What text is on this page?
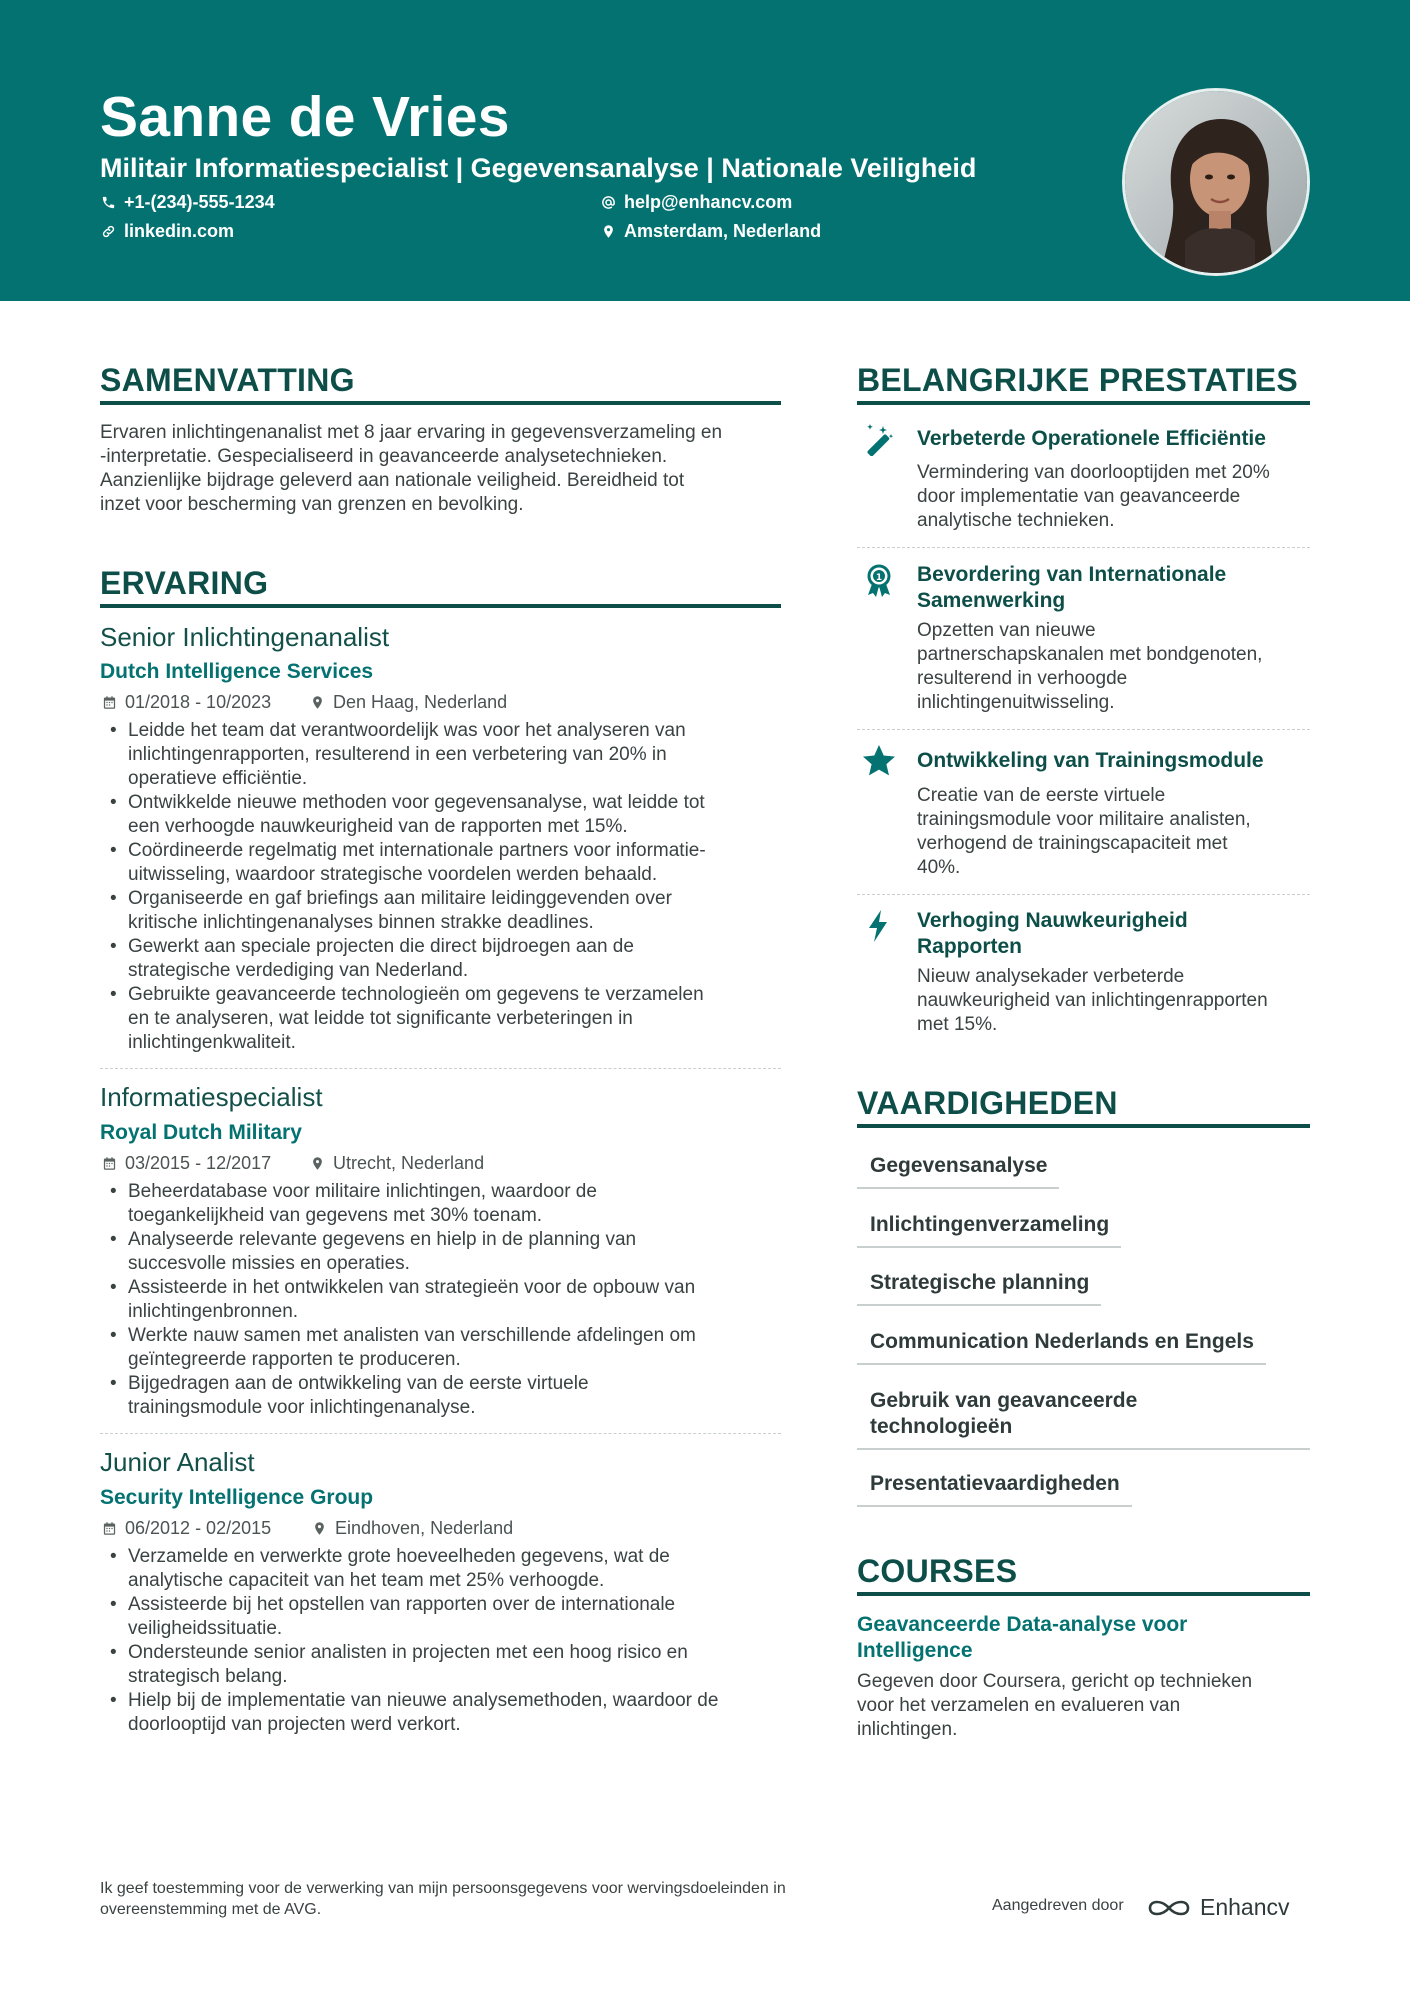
Sanne de Vries
Militair Informatiespecialist | Gegevensanalyse | Nationale Veiligheid
+1-(234)-555-1234	help@enhancv.com
linkedin.com	Amsterdam, Nederland
SAMENVATTING
Ervaren inlichtingenanalist met 8 jaar ervaring in gegevensverzameling en
-interpretatie. Gespecialiseerd in geavanceerde analysetechnieken.
Aanzienlijke bijdrage geleverd aan nationale veiligheid. Bereidheid tot
inzet voor bescherming van grenzen en bevolking.
ERVARING
Senior Inlichtingenanalist
Dutch Intelligence Services
01/2018 - 10/2023	Den Haag, Nederland
• Leidde het team dat verantwoordelijk was voor het analyseren van
inlichtingenrapporten, resulterend in een verbetering van 20% in
operatieve efficiëntie.
• Ontwikkelde nieuwe methoden voor gegevensanalyse, wat leidde tot
een verhoogde nauwkeurigheid van de rapporten met 15%.
• Coördineerde regelmatig met internationale partners voor informatie-
uitwisseling, waardoor strategische voordelen werden behaald.
• Organiseerde en gaf briefings aan militaire leidinggevenden over
kritische inlichtingenanalyses binnen strakke deadlines.
• Gewerkt aan speciale projecten die direct bijdroegen aan de
strategische verdediging van Nederland.
• Gebruikte geavanceerde technologieën om gegevens te verzamelen
en te analyseren, wat leidde tot significante verbeteringen in
inlichtingenkwaliteit.
Informatiespecialist
Royal Dutch Military
03/2015 - 12/2017	Utrecht, Nederland
• Beheerdatabase voor militaire inlichtingen, waardoor de
toegankelijkheid van gegevens met 30% toenam.
• Analyseerde relevante gegevens en hielp in de planning van
succesvolle missies en operaties.
• Assisteerde in het ontwikkelen van strategieën voor de opbouw van
inlichtingenbronnen.
• Werkte nauw samen met analisten van verschillende afdelingen om
geïntegreerde rapporten te produceren.
• Bijgedragen aan de ontwikkeling van de eerste virtuele
trainingsmodule voor inlichtingenanalyse.
Junior Analist
Security Intelligence Group
06/2012 - 02/2015	Eindhoven, Nederland
• Verzamelde en verwerkte grote hoeveelheden gegevens, wat de
analytische capaciteit van het team met 25% verhoogde.
• Assisteerde bij het opstellen van rapporten over de internationale
veiligheidssituatie.
• Ondersteunde senior analisten in projecten met een hoog risico en
strategisch belang.
• Hielp bij de implementatie van nieuwe analysemethoden, waardoor de
doorlooptijd van projecten werd verkort.
BELANGRIJKE PRESTATIES
Verbeterde Operationele Efficiëntie
Vermindering van doorlooptijden met 20%
door implementatie van geavanceerde
analytische technieken.
1 Bevordering van Internationale
Samenwerking
Opzetten van nieuwe
partnerschapskanalen met bondgenoten,
resulterend in verhoogde
inlichtingenuitwisseling.
Ontwikkeling van Trainingsmodule
Creatie van de eerste virtuele
trainingsmodule voor militaire analisten,
verhogend de trainingscapaciteit met
40%.
Verhoging Nauwkeurigheid
Rapporten
Nieuw analysekader verbeterde
nauwkeurigheid van inlichtingenrapporten
met 15%.
VAARDIGHEDEN
Gegevensanalyse
Inlichtingenverzameling
Strategische planning
Communication Nederlands en Engels
Gebruik van geavanceerde
technologieën
Presentatievaardigheden
COURSES
Geavanceerde Data-analyse voor
Intelligence
Gegeven door Coursera, gericht op technieken
voor het verzamelen en evalueren van
inlichtingen.
Ik geef toestemming voor de verwerking van mijn persoonsgegevens voor wervingsdoeleinden in
overeenstemming met de AVG.	Aangedreven door	Enhancv
